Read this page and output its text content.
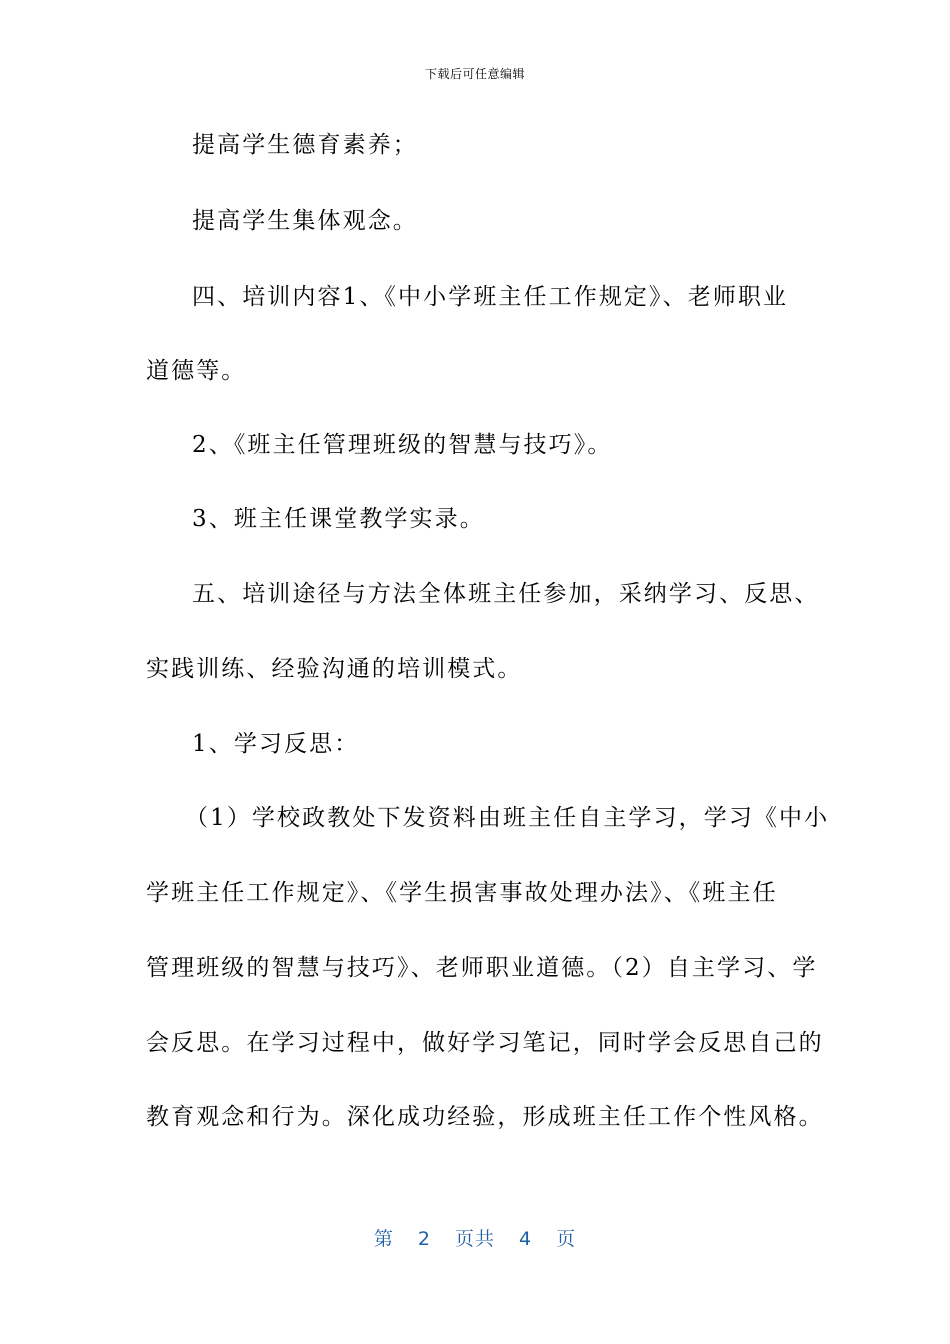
下载后可任意编辑

提高学生德育素养；

提高学生集体观念。

四、培训内容1、《中小学班主任工作规定》、老师职业

道德等。

2、《班主任管理班级的智慧与技巧》。

3、班主任课堂教学实录。

五、培训途径与方法全体班主任参加，采纳学习、反思、

实践训练、经验沟通的培训模式。

1、学习反思：

（1）学校政教处下发资料由班主任自主学习，学习《中小

学班主任工作规定》、《学生损害事故处理办法》、《班主任

管理班级的智慧与技巧》、老师职业道德。（2）自主学习、学

会反思。在学习过程中，做好学习笔记，同时学会反思自己的

教育观念和行为。深化成功经验，形成班主任工作个性风格。

第 2 页共 4 页
